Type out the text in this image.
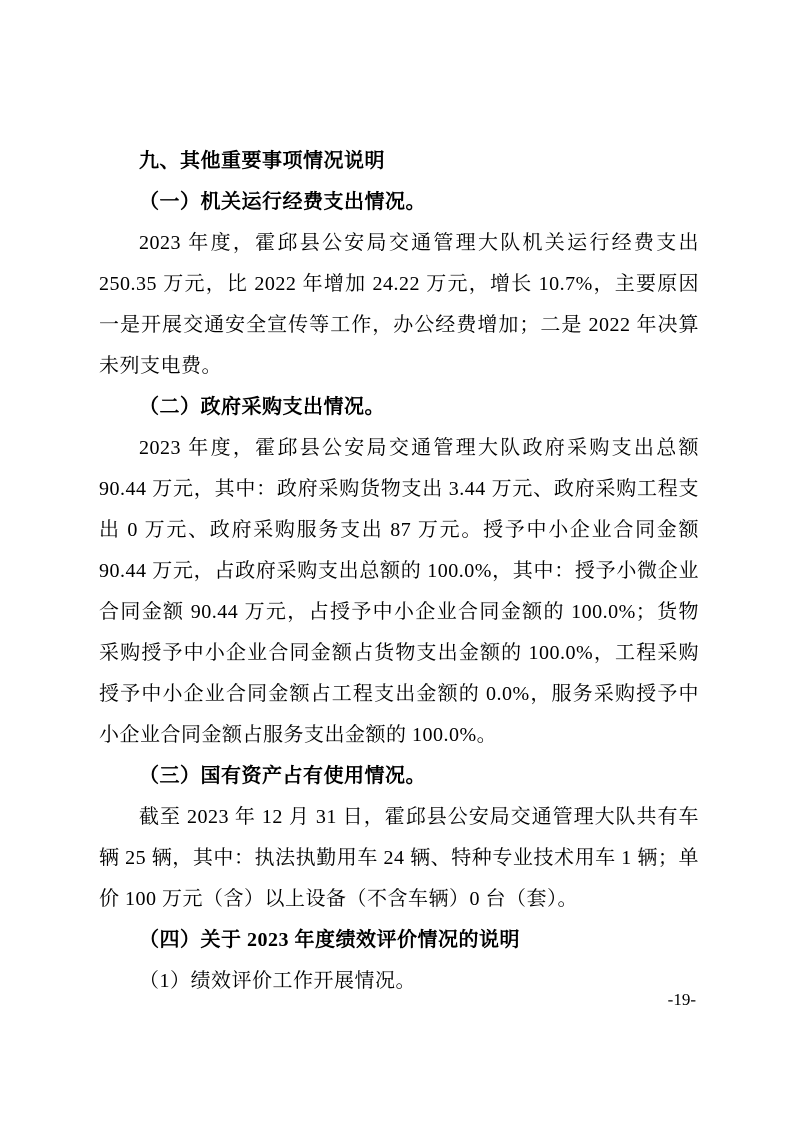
九、其他重要事项情况说明
（一）机关运行经费支出情况。

2023 年度，霍邱县公安局交通管理大队机关运行经费支出 250.35 万元，比 2022 年增加 24.22 万元，增长 10.7%，主要原因一是开展交通安全宣传等工作，办公经费增加；二是 2022 年决算未列支电费。

（二）政府采购支出情况。

2023 年度，霍邱县公安局交通管理大队政府采购支出总额 90.44 万元，其中：政府采购货物支出 3.44 万元、政府采购工程支出 0 万元、政府采购服务支出 87 万元。授予中小企业合同金额 90.44 万元，占政府采购支出总额的 100.0%，其中：授予小微企业合同金额 90.44 万元，占授予中小企业合同金额的 100.0%；货物采购授予中小企业合同金额占货物支出金额的 100.0%，工程采购授予中小企业合同金额占工程支出金额的 0.0%，服务采购授予中小企业合同金额占服务支出金额的 100.0%。

（三）国有资产占有使用情况。

截至 2023 年 12 月 31 日，霍邱县公安局交通管理大队共有车辆 25 辆，其中：执法执勤用车 24 辆、特种专业技术用车 1 辆；单价 100 万元（含）以上设备（不含车辆）0 台（套）。

（四）关于 2023 年度绩效评价情况的说明

（1）绩效评价工作开展情况。

-19-
